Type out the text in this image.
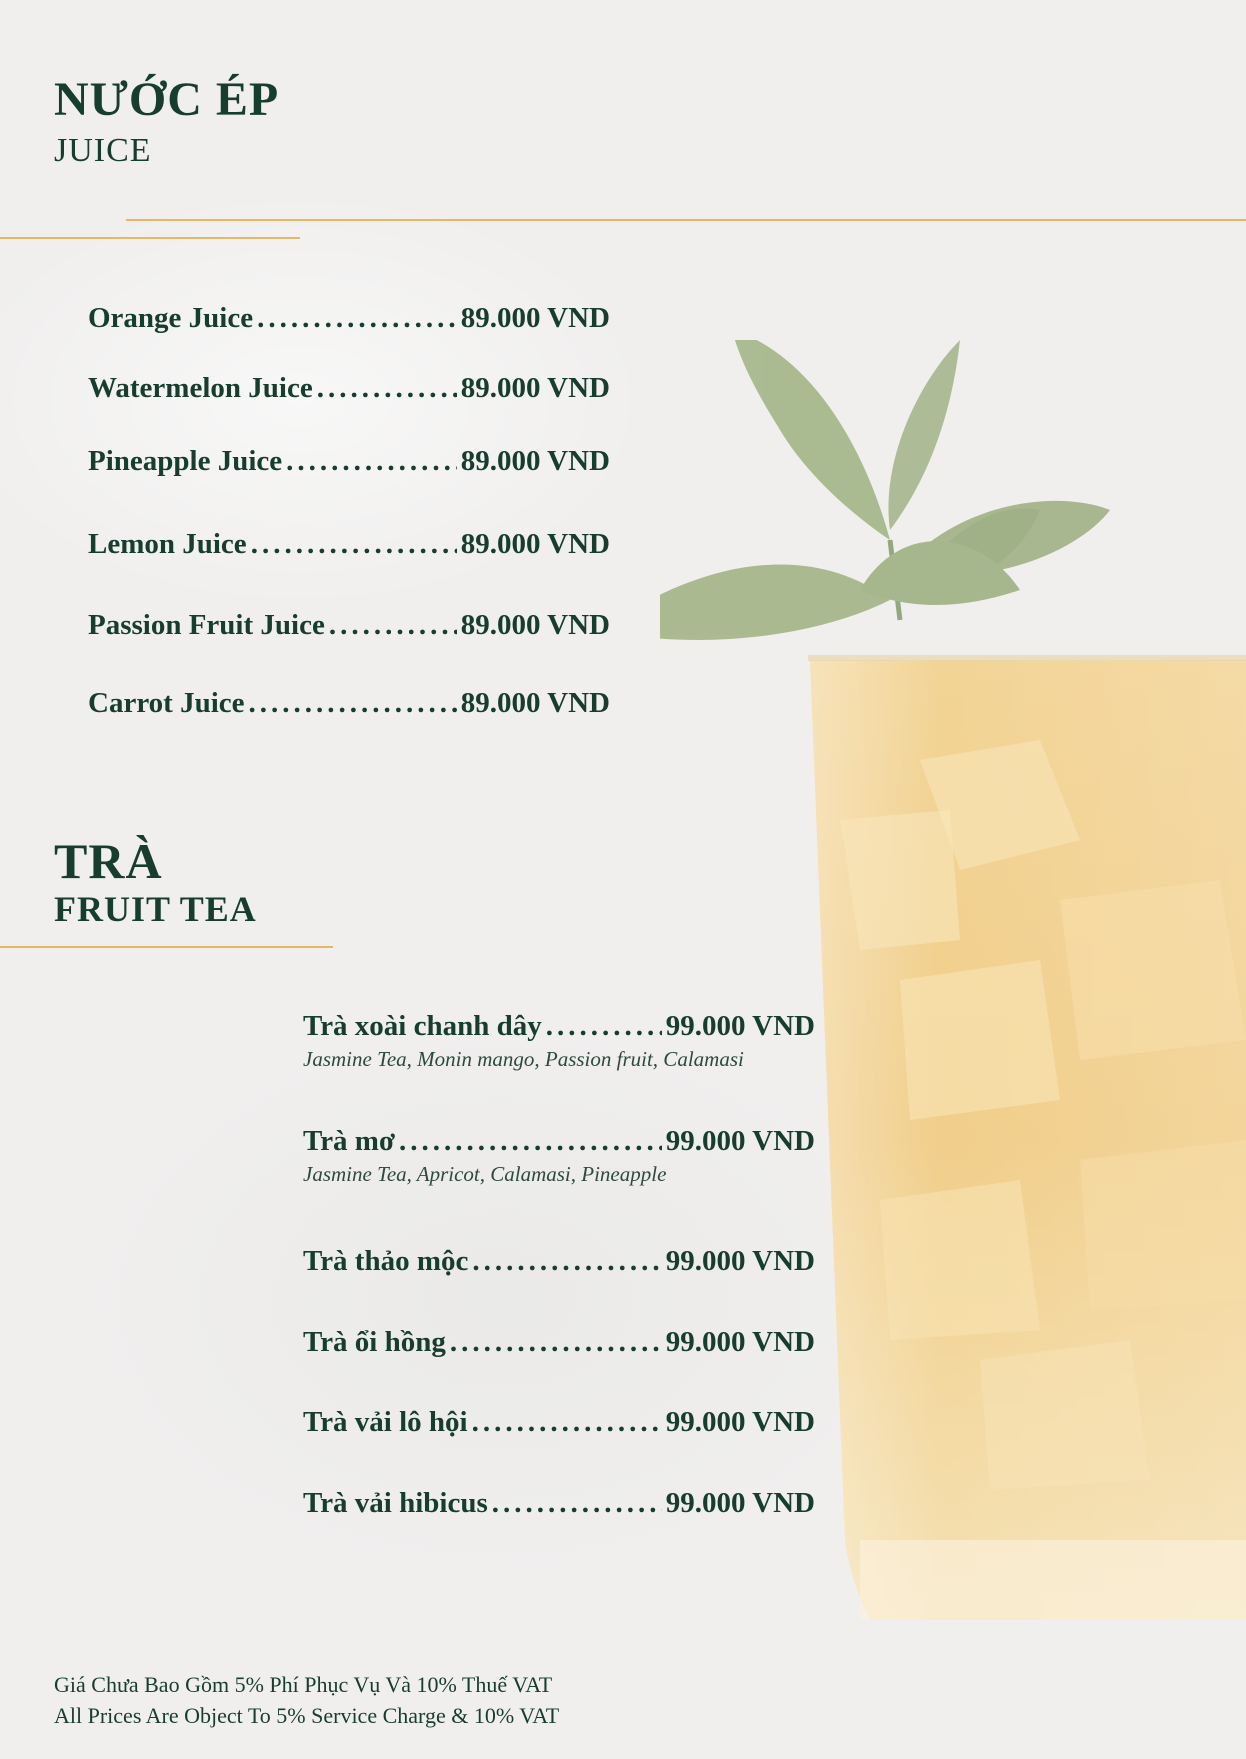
NƯỚC ÉP
JUICE
Orange Juice .....	89.000 VND
Watermelon Juice .....	89.000 VND
Pineapple Juice .....	89.000 VND
Lemon Juice .....	89.000 VND
Passion Fruit Juice .....	89.000 VND
Carrot Juice .....	89.000 VND
TRÀ
FRUIT TEA
Trà xoài chanh dây .....	99.000 VND
Jasmine Tea, Monin mango, Passion fruit, Calamasi
Trà mơ .....	99.000 VND
Jasmine Tea, Apricot, Calamasi, Pineapple
Trà thảo mộc .....	99.000 VND
Trà ổi hồng .....	99.000 VND
Trà vải lô hội .....	99.000 VND
Trà vải hibicus .....	99.000 VND
Giá Chưa Bao Gồm 5% Phí Phục Vụ Và 10% Thuế VAT
All Prices Are Object To 5% Service Charge & 10% VAT
